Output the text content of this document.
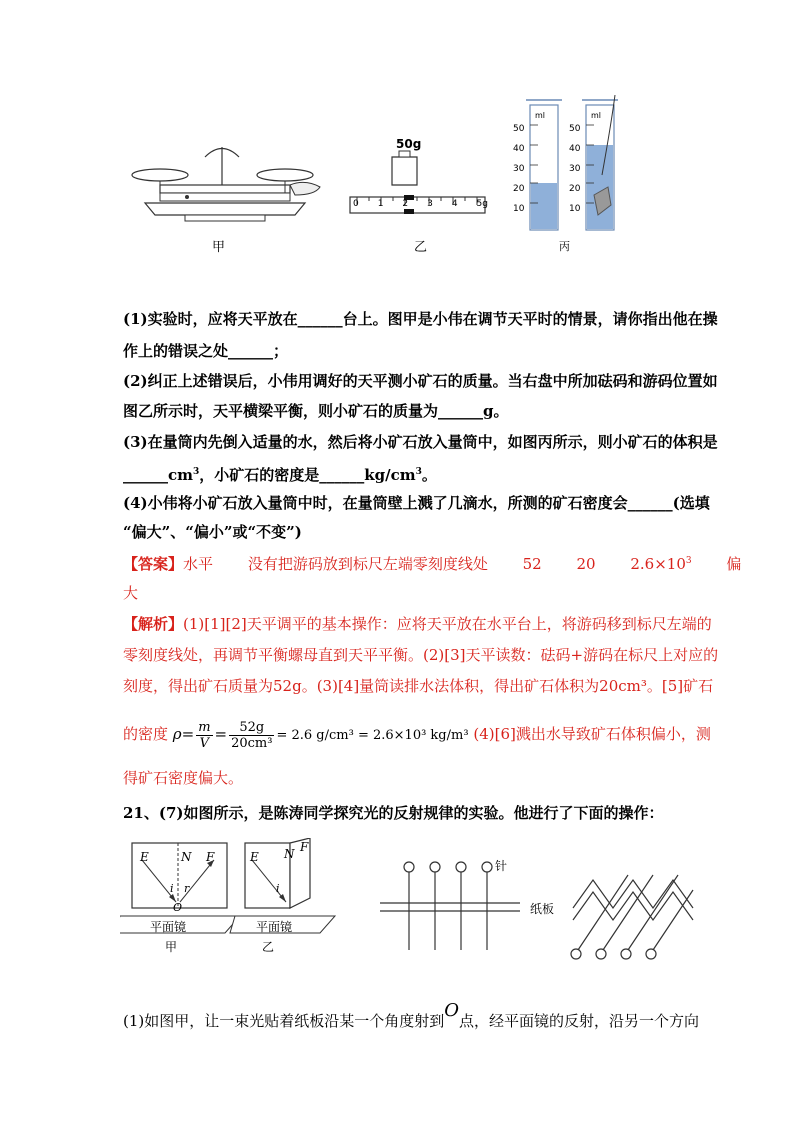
50g
0 1 2 3 4 5g
50
40
30
20
10
50
40
30
20
10
ml	ml
甲	乙	丙
(1)实验时，应将天平放在______台上。图甲是小伟在调节天平时的情景，请你指出他在操
作上的错误之处______；
(2)纠正上述错误后，小伟用调好的天平测小矿石的质量。当右盘中所加砝码和游码位置如
图乙所示时，天平横梁平衡，则小矿石的质量为______g。
(3)在量筒内先倒入适量的水，然后将小矿石放入量筒中，如图丙所示，则小矿石的体积是
$\_\_\_\_\_\_cm^3$，小矿石的密度是$\_\_\_\_\_\_kg/cm^3$。
(4)小伟将小矿石放入量筒中时，在量筒壁上溅了几滴水，所测的矿石密度会______(选填
“偏大”、“偏小”或“不变”)
【答案】水平 没有把游码放到标尺左端零刻度线处 52 20 $2.6\times 10^3$ 偏
大
【解析】(1)[1][2]天平调平的基本操作：应将天平放在水平台上，将游码移到标尺左端的
零刻度线处，再调节平衡螺母直到天平平衡。(2)[3]天平读数：砝码+游码在标尺上对应的
刻度，得出矿石质量为52g。(3)[4]量筒读排水法体积，得出矿石体积为20cm³。[5]矿石
的密度 $\rho= \frac{m}{V} = \frac{52g}{\text{20cm³}} = 2.6$ g/cm³ = 2.6×10³ kg/m³ (4)[6]溅出水导致矿石体积偏小，测
得矿石密度偏大。
21、(7)如图所示，是陈涛同学探究光的反射规律的实验。他进行了下面的操作：
E	N F
O
i r
E N F
i
平面镜	平面镜
甲	乙
针
纸板
(1)如图甲，让一束光贴着纸板沿某一个角度射到O点，经平面镜的反射，沿另一个方向
